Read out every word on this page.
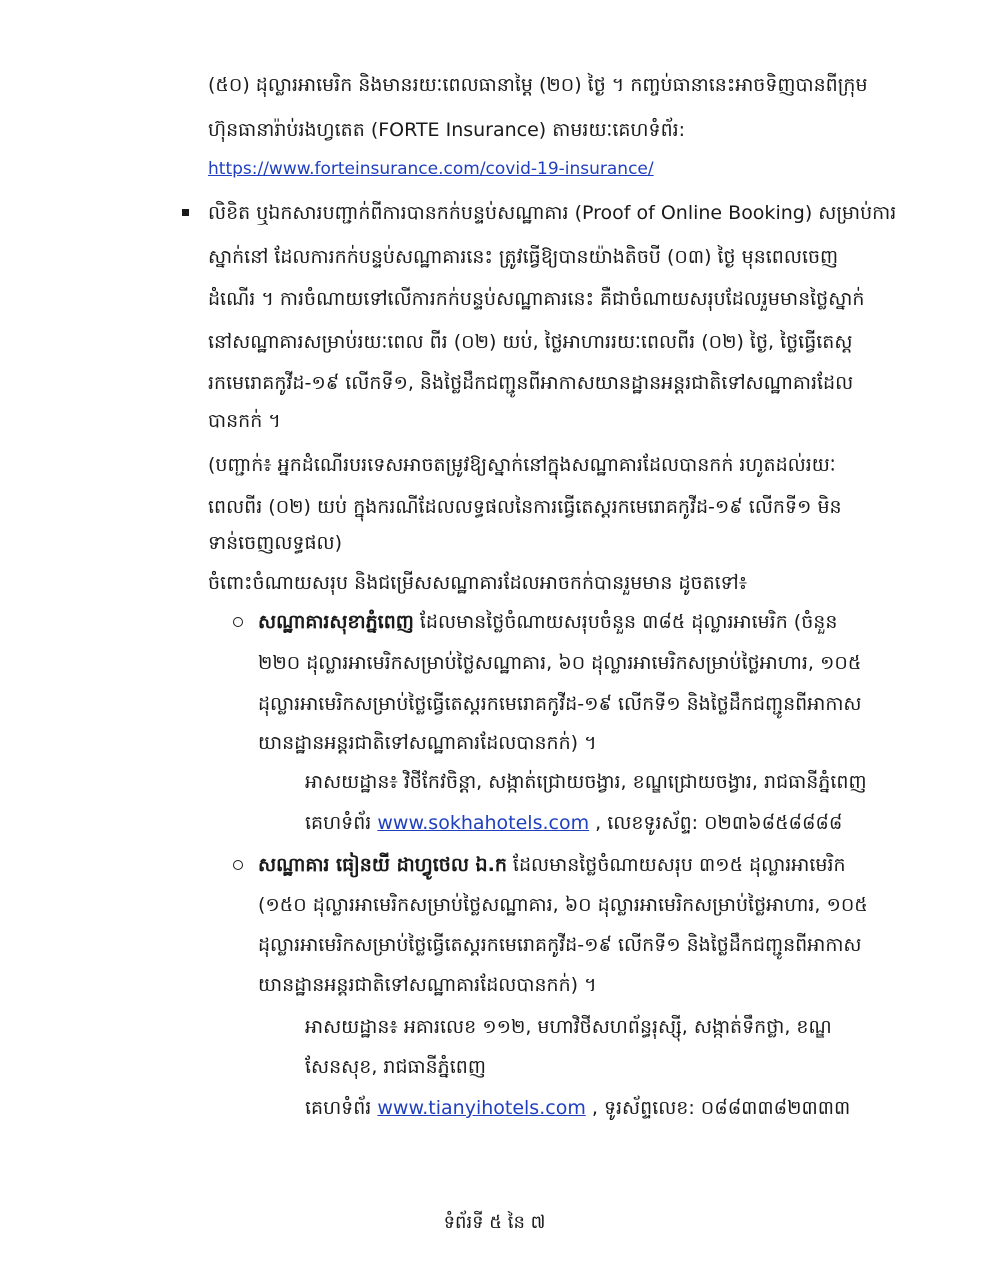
(៥០) ដុល្លារអាមេរិក និងមានរយៈពេលធានាម្ដៃ (២០) ថ្ងៃ ។ កញ្ចប់ធានានេះអាចទិញបានពីក្រុម
ហ៊ុនធានារ៉ាប់រងហ្វតេត (FORTE Insurance) តាមរយៈគេហទំព័រ:
https://www.forteinsurance.com/covid-19-insurance/
លិខិត ឬឯកសារបញ្ជាក់ពីការបានកក់បន្ទប់សណ្ឋាគារ (Proof of Online Booking) សម្រាប់ការ
ស្នាក់នៅ ដែលការកក់បន្ទប់សណ្ឋាគារនេះ ត្រូវធ្វើឱ្យបានយ៉ាងតិចបី (០៣) ថ្ងៃ មុនពេលចេញ
ដំណើរ ។ ការចំណាយទៅលើការកក់បន្ទប់សណ្ឋាគារនេះ គឺជាចំណាយសរុបដែលរួមមានថ្លៃស្នាក់
នៅសណ្ឋាគារសម្រាប់រយៈពេល ពីរ (០២) យប់, ថ្លៃអាហាររយៈពេលពីរ (០២) ថ្ងៃ, ថ្លៃធ្វើតេស្ត
រកមេរោគកូវីដ-១៩ លើកទី១, និងថ្លៃដឹកជញ្ជូនពីអាកាសយានដ្ឋានអន្តរជាតិទៅសណ្ឋាគារដែល
បានកក់ ។
(បញ្ជាក់៖ អ្នកដំណើរបរទេសអាចតម្រូវឱ្យស្នាក់នៅក្នុងសណ្ឋាគារដែលបានកក់ រហូតដល់រយៈ
ពេលពីរ (០២) យប់ ក្នុងករណីដែលលទ្ធផលនៃការធ្វើតេស្តរកមេរោគកូវីដ-១៩ លើកទី១ មិន
ទាន់ចេញលទ្ធផល)
ចំពោះចំណាយសរុប និងជម្រើសសណ្ឋាគារដែលអាចកក់បានរួមមាន ដូចតទៅ៖
សណ្ឋាគារសុខាភ្នំពេញ ដែលមានថ្លៃចំណាយសរុបចំនួន ៣៨៥ ដុល្លារអាមេរិក (ចំនួន
២២០ ដុល្លារអាមេរិកសម្រាប់ថ្លៃសណ្ឋាគារ, ៦០ ដុល្លារអាមេរិកសម្រាប់ថ្លៃអាហារ, ១០៥
ដុល្លារអាមេរិកសម្រាប់ថ្លៃធ្វើតេស្តរកមេរោគកូវីដ-១៩ លើកទី១ និងថ្លៃដឹកជញ្ជូនពីអាកាស
យានដ្ឋានអន្តរជាតិទៅសណ្ឋាគារដែលបានកក់) ។
អាសយដ្ឋាន៖ វិថីកែវចិន្តា, សង្កាត់ជ្រោយចង្វារ, ខណ្ឌជ្រោយចង្វារ, រាជធានីភ្នំពេញ
គេហទំព័រ www.sokhahotels.com , លេខទូរស័ព្ទ: ០២៣៦៨៥៨៨៨៨
សណ្ឋាគារ ធៀនយី ដាហ្វូថេល ឯ.ក ដែលមានថ្លៃចំណាយសរុប ៣១៥ ដុល្លារអាមេរិក
(១៥០ ដុល្លារអាមេរិកសម្រាប់ថ្លៃសណ្ឋាគារ, ៦០ ដុល្លារអាមេរិកសម្រាប់ថ្លៃអាហារ, ១០៥
ដុល្លារអាមេរិកសម្រាប់ថ្លៃធ្វើតេស្តរកមេរោគកូវីដ-១៩ លើកទី១ និងថ្លៃដឹកជញ្ជូនពីអាកាស
យានដ្ឋានអន្តរជាតិទៅសណ្ឋាគារដែលបានកក់) ។
អាសយដ្ឋាន៖ អគារលេខ ១១២, មហាវិថីសហព័ន្ធរុស្ស៊ី, សង្កាត់ទឹកថ្លា, ខណ្ឌ
សែនសុខ, រាជធានីភ្នំពេញ
គេហទំព័រ www.tianyihotels.com , ទូរស័ព្ទលេខ: ០៨៨៣៣៨២៣៣៣
ទំព័រទី ៥ នៃ ៧
